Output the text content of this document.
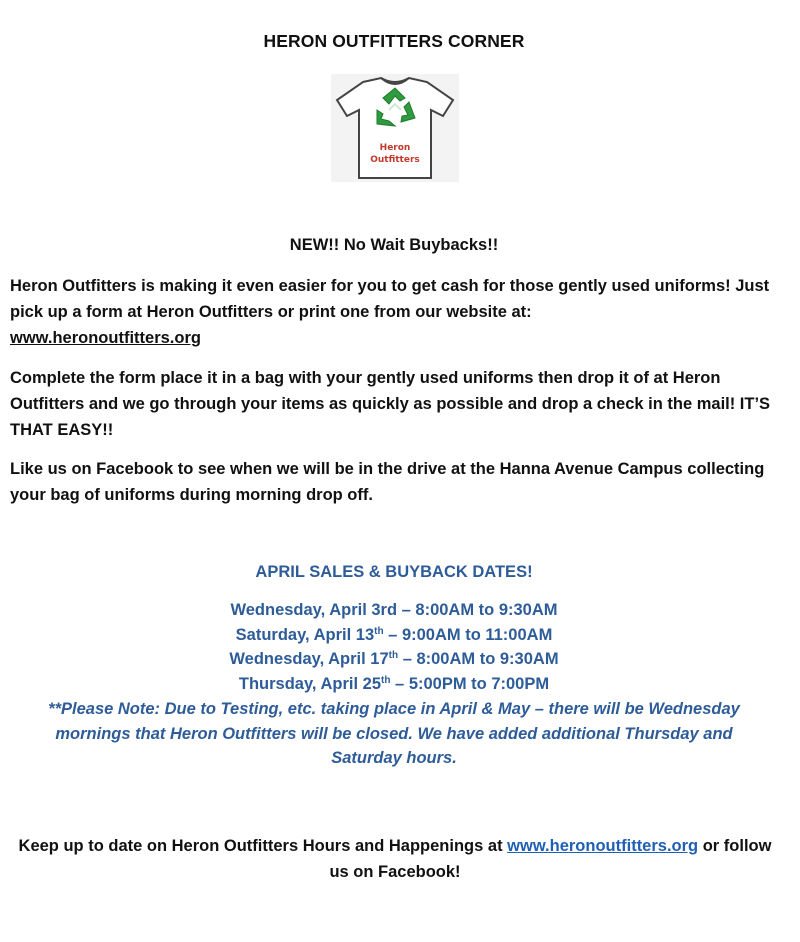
HERON OUTFITTERS CORNER
Heron
Outfitters
NEW!! No Wait Buybacks!!
Heron Outfitters is making it even easier for you to get cash for those gently used uniforms! Just pick up a form at Heron Outfitters or print one from our website at:
www.heronoutfitters.org
Complete the form place it in a bag with your gently used uniforms then drop it of at Heron Outfitters and we go through your items as quickly as possible and drop a check in the mail! IT’S THAT EASY!!
Like us on Facebook to see when we will be in the drive at the Hanna Avenue Campus collecting your bag of uniforms during morning drop off.
APRIL SALES & BUYBACK DATES!
Wednesday, April 3rd – 8:00AM to 9:30AM
Saturday, April 13th – 9:00AM to 11:00AM
Wednesday, April 17th – 8:00AM to 9:30AM
Thursday, April 25th – 5:00PM to 7:00PM
**Please Note: Due to Testing, etc. taking place in April & May – there will be Wednesday mornings that Heron Outfitters will be closed. We have added additional Thursday and Saturday hours.
Keep up to date on Heron Outfitters Hours and Happenings at www.heronoutfitters.org or follow us on Facebook!
